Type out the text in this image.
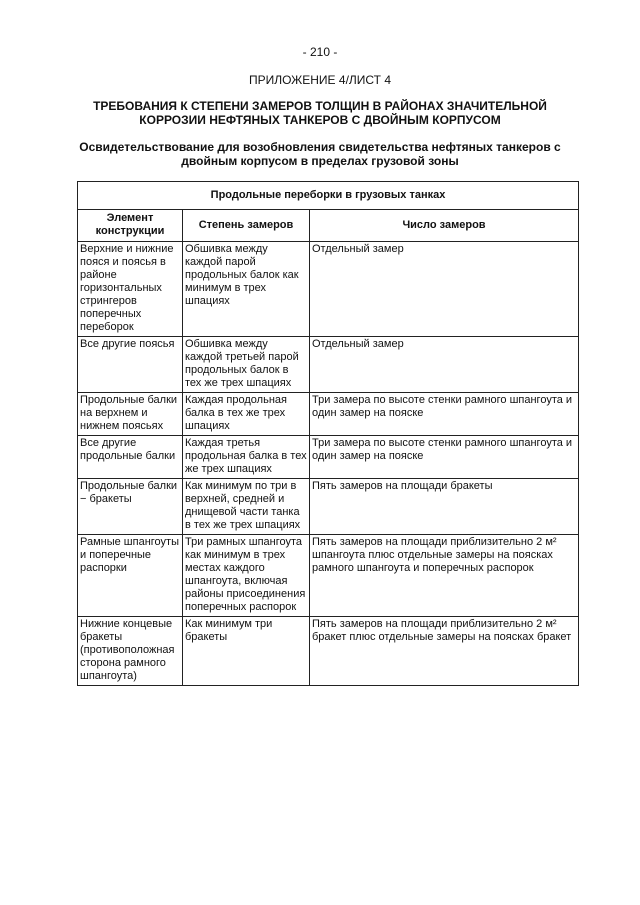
- 210 -
ПРИЛОЖЕНИЕ 4/ЛИСТ 4
ТРЕБОВАНИЯ К СТЕПЕНИ ЗАМЕРОВ ТОЛЩИН В РАЙОНАХ ЗНАЧИТЕЛЬНОЙ КОРРОЗИИ НЕФТЯНЫХ ТАНКЕРОВ С ДВОЙНЫМ КОРПУСОМ
Освидетельствование для возобновления свидетельства нефтяных танкеров с двойным корпусом в пределах грузовой зоны
Продольные переборки в грузовых танках		
Элемент конструкции	Степень замеров	Число замеров
Верхние и нижние пояся и поясья в районе горизонтальных стрингеров поперечных переборок	Обшивка между каждой парой продольных балок как минимум в трех шпациях	Отдельный замер
Все другие пояcья	Обшивка между каждой третьей парой продольных балок в тех же трех шпациях	Отдельный замер
Продольные балки на верхнем и нижнем поясьях	Каждая продольная балка в тех же трех шпациях	Три замера по высоте стенки рамного шпангоута и один замер на пояске
Все другие продольные балки	Каждая третья продольная балка в тех же трех шпациях	Три замера по высоте стенки рамного шпангоута и один замер на пояске
Продольные балки − бракеты	Как минимум по три в верхней, средней и днищевой части танка в тех же трех шпациях	Пять замеров на площади бракеты
Рамные шпангоуты и поперечные распорки	Три рамных шпангоута как минимум в трех местах каждого шпангоута, включая районы присоединения поперечных распорок	Пять замеров на площади приблизительно 2 м² шпангоута плюс отдельные замеры на поясках рамного шпангоута и поперечных распорок
Нижние концевые бракеты (противоположная сторона рамного шпангоута)	Как минимум три бракеты	Пять замеров на площади приблизительно 2 м² бракет плюс отдельные замеры на поясках бракет
